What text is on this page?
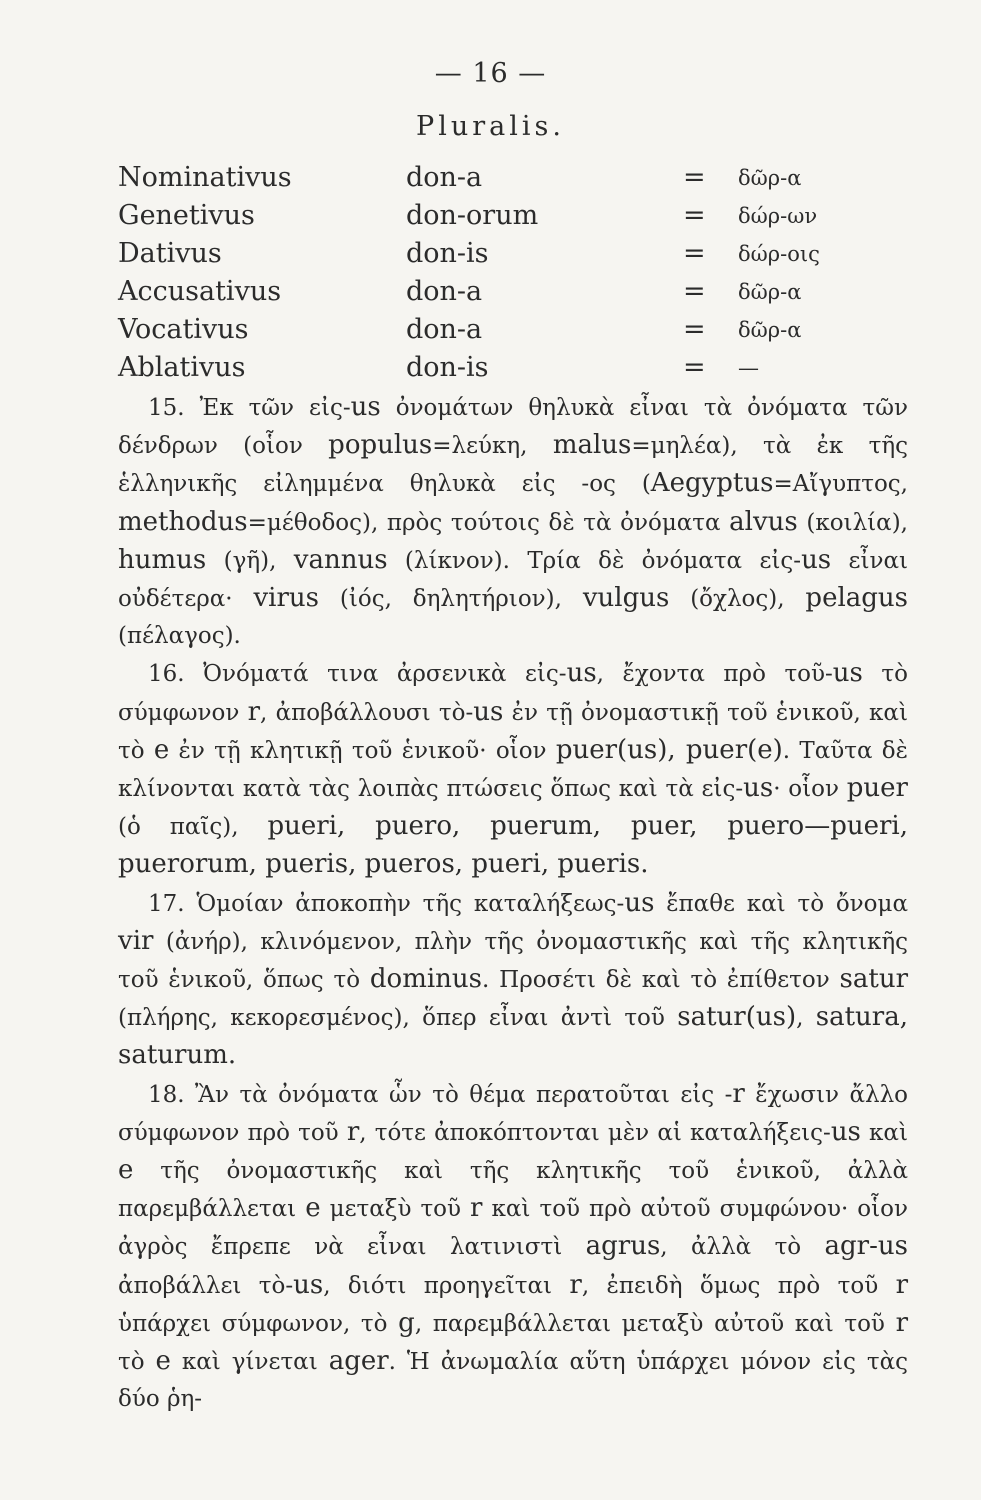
— 16 —
Pluralis.
Nominativus	don-a	= δῶρ-α
Genetivus	don-orum	= δώρ-ων
Dativus	don-is	= δώρ-οις
Accusativus	don-a	= δῶρ-α
Vocativus	don-a	= δῶρ-α
Ablativus	don-is	= —

15. Ἐκ τῶν εἰς-us ὀνομάτων θηλυκὰ εἶναι τὰ ὀνόματα τῶν δένδρων (οἷον populus=λεύκη, malus=μηλέα), τὰ ἐκ τῆς ἑλληνικῆς εἰλημμένα θηλυκὰ εἰς -ος (Aegyptus=Αἴγυπτος, methodus=μέθοδος), πρὸς τούτοις δὲ τὰ ὀνόματα alvus (κοιλία), humus (γῆ), vannus (λίκνον). Τρία δὲ ὀνόματα εἰς-us εἶναι οὐδέτερα· virus (ἰός, δηλητήριον), vulgus (ὄχλος), pelagus (πέλαγος).

16. Ὀνόματά τινα ἀρσενικὰ εἰς-us, ἔχοντα πρὸ τοῦ-us τὸ σύμφωνον r, ἀποβάλλουσι τὸ-us ἐν τῇ ὀνομαστικῇ τοῦ ἑνικοῦ, καὶ τὸ e ἐν τῇ κλητικῇ τοῦ ἑνικοῦ· οἷον puer(us), puer(e). Ταῦτα δὲ κλίνονται κατὰ τὰς λοιπὰς πτώσεις ὅπως καὶ τὰ εἰς-us· οἷον puer (ὁ παῖς), pueri, puero, puerum, puer, puero—pueri, puerorum, pueris, pueros, pueri, pueris.

17. Ὁμοίαν ἀποκοπὴν τῆς καταλήξεως-us ἔπαθε καὶ τὸ ὄνομα vir (ἀνήρ), κλινόμενον, πλὴν τῆς ὀνομαστικῆς καὶ τῆς κλητικῆς τοῦ ἑνικοῦ, ὅπως τὸ dominus. Προσέτι δὲ καὶ τὸ ἐπίθετον satur (πλήρης, κεκορεσμένος), ὅπερ εἶναι ἀντὶ τοῦ satur(us), satura, saturum.

18. Ἂν τὰ ὀνόματα ὧν τὸ θέμα περατοῦται εἰς -r ἔχωσιν ἄλλο σύμφωνον πρὸ τοῦ r, τότε ἀποκόπτονται μὲν αἱ καταλήξεις-us καὶ e τῆς ὀνομαστικῆς καὶ τῆς κλητικῆς τοῦ ἑνικοῦ, ἀλλὰ παρεμβάλλεται e μεταξὺ τοῦ r καὶ τοῦ πρὸ αὐτοῦ συμφώνου· οἷον ἀγρὸς ἔπρεπε νὰ εἶναι λατινιστὶ agrus, ἀλλὰ τὸ agr-us ἀποβάλλει τὸ-us, διότι προηγεῖται r, ἐπειδὴ ὅμως πρὸ τοῦ r ὑπάρχει σύμφωνον, τὸ g, παρεμβάλλεται μεταξὺ αὐτοῦ καὶ τοῦ r τὸ e καὶ γίνεται ager. Ἡ ἀνωμαλία αὕτη ὑπάρχει μόνον εἰς τὰς δύο ῥη-
